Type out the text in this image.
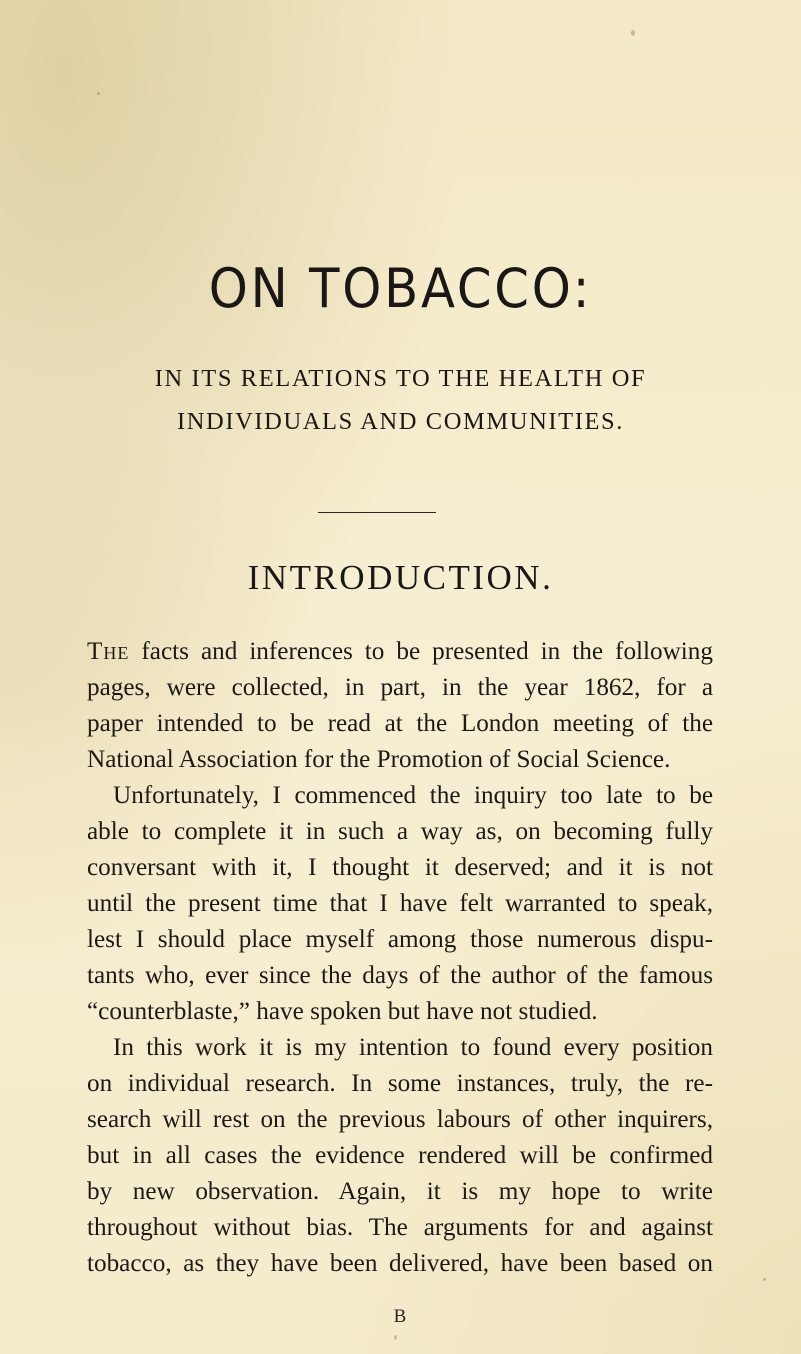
ON TOBACCO:
IN ITS RELATIONS TO THE HEALTH OF
INDIVIDUALS AND COMMUNITIES.
INTRODUCTION.
The facts and inferences to be presented in the following
pages, were collected, in part, in the year 1862, for a
paper intended to be read at the London meeting of the
National Association for the Promotion of Social Science.
Unfortunately, I commenced the inquiry too late to be
able to complete it in such a way as, on becoming fully
conversant with it, I thought it deserved; and it is not
until the present time that I have felt warranted to speak,
lest I should place myself among those numerous dispu-
tants who, ever since the days of the author of the famous
“counterblaste,” have spoken but have not studied.
In this work it is my intention to found every position
on individual research. In some instances, truly, the re-
search will rest on the previous labours of other inquirers,
but in all cases the evidence rendered will be confirmed
by new observation. Again, it is my hope to write
throughout without bias. The arguments for and against
tobacco, as they have been delivered, have been based on
B
